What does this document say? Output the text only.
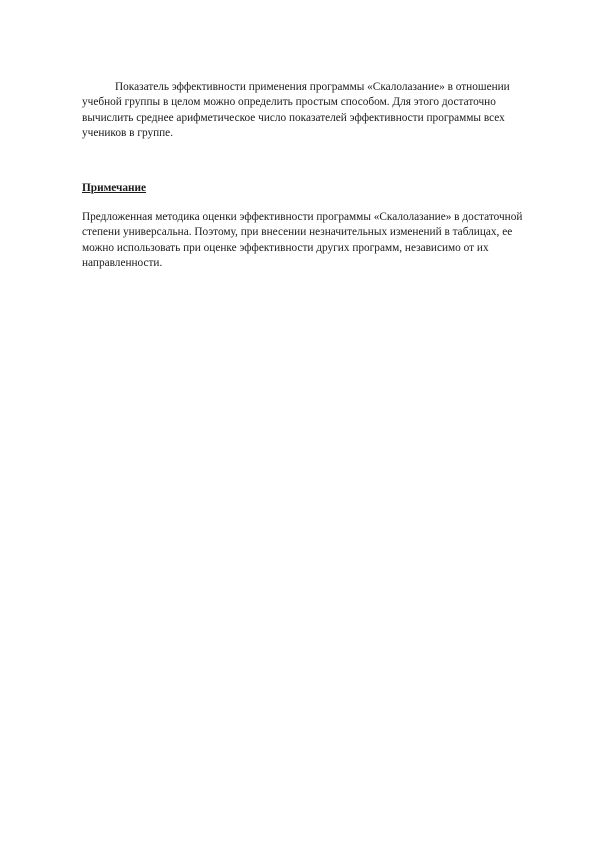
Показатель эффективности применения программы «Скалолазание» в отношении учебной группы в целом можно определить простым способом. Для этого достаточно вычислить среднее арифметическое число показателей эффективности программы всех учеников в группе.

Примечание

Предложенная методика оценки эффективности программы «Скалолазание» в достаточной степени универсальна. Поэтому, при внесении незначительных изменений в таблицах, ее можно использовать при оценке эффективности других программ, независимо от их направленности.
